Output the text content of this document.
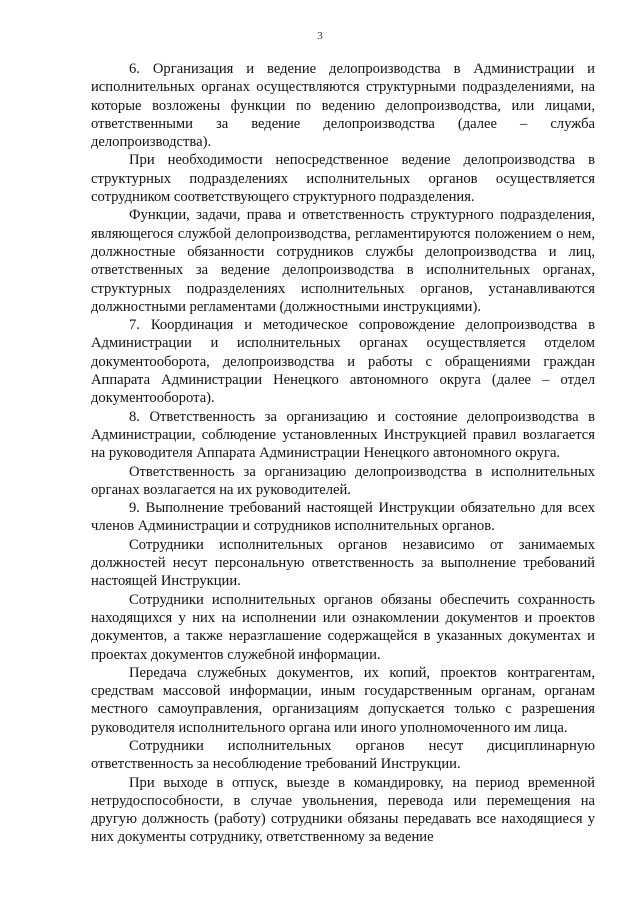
3

6. Организация и ведение делопроизводства в Администрации и исполнительных органах осуществляются структурными подразделениями, на которые возложены функции по ведению делопроизводства, или лицами, ответственными за ведение делопроизводства (далее – служба делопроизводства).

При необходимости непосредственное ведение делопроизводства в структурных подразделениях исполнительных органов осуществляется сотрудником соответствующего структурного подразделения.

Функции, задачи, права и ответственность структурного подразделения, являющегося службой делопроизводства, регламентируются положением о нем, должностные обязанности сотрудников службы делопроизводства и лиц, ответственных за ведение делопроизводства в исполнительных органах, структурных подразделениях исполнительных органов, устанавливаются должностными регламентами (должностными инструкциями).

7. Координация и методическое сопровождение делопроизводства в Администрации и исполнительных органах осуществляется отделом документооборота, делопроизводства и работы с обращениями граждан Аппарата Администрации Ненецкого автономного округа (далее – отдел документооборота).

8. Ответственность за организацию и состояние делопроизводства в Администрации, соблюдение установленных Инструкцией правил возлагается на руководителя Аппарата Администрации Ненецкого автономного округа.

Ответственность за организацию делопроизводства в исполнительных органах возлагается на их руководителей.

9. Выполнение требований настоящей Инструкции обязательно для всех членов Администрации и сотрудников исполнительных органов.

Сотрудники исполнительных органов независимо от занимаемых должностей несут персональную ответственность за выполнение требований настоящей Инструкции.

Сотрудники исполнительных органов обязаны обеспечить сохранность находящихся у них на исполнении или ознакомлении документов и проектов документов, а также неразглашение содержащейся в указанных документах и проектах документов служебной информации.

Передача служебных документов, их копий, проектов контрагентам, средствам массовой информации, иным государственным органам, органам местного самоуправления, организациям допускается только с разрешения руководителя исполнительного органа или иного уполномоченного им лица.

Сотрудники исполнительных органов несут дисциплинарную ответственность за несоблюдение требований Инструкции.

При выходе в отпуск, выезде в командировку, на период временной нетрудоспособности, в случае увольнения, перевода или перемещения на другую должность (работу) сотрудники обязаны передавать все находящиеся у них документы сотруднику, ответственному за ведение
